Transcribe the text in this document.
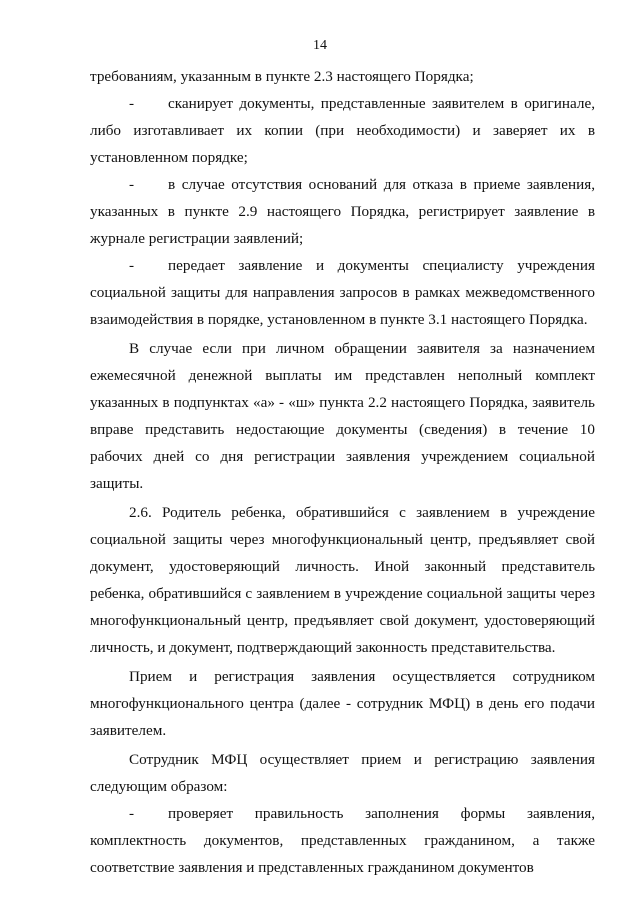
14

требованиям, указанным в пункте 2.3 настоящего Порядка;

- сканирует документы, представленные заявителем в оригинале, либо изготавливает их копии (при необходимости) и заверяет их в установленном порядке;

- в случае отсутствия оснований для отказа в приеме заявления, указанных в пункте 2.9 настоящего Порядка, регистрирует заявление в журнале регистрации заявлений;

- передает заявление и документы специалисту учреждения социальной защиты для направления запросов в рамках межведомственного взаимодействия в порядке, установленном в пункте 3.1 настоящего Порядка.

В случае если при личном обращении заявителя за назначением ежемесячной денежной выплаты им представлен неполный комплект указанных в подпунктах «а» - «ш» пункта 2.2 настоящего Порядка, заявитель вправе представить недостающие документы (сведения) в течение 10 рабочих дней со дня регистрации заявления учреждением социальной защиты.

2.6. Родитель ребенка, обратившийся с заявлением в учреждение социальной защиты через многофункциональный центр, предъявляет свой документ, удостоверяющий личность. Иной законный представитель ребенка, обратившийся с заявлением в учреждение социальной защиты через многофункциональный центр, предъявляет свой документ, удостоверяющий личность, и документ, подтверждающий законность представительства.

Прием и регистрация заявления осуществляется сотрудником многофункционального центра (далее - сотрудник МФЦ) в день его подачи заявителем.

Сотрудник МФЦ осуществляет прием и регистрацию заявления следующим образом:

- проверяет правильность заполнения формы заявления, комплектность документов, представленных гражданином, а также соответствие заявления и представленных гражданином документов
